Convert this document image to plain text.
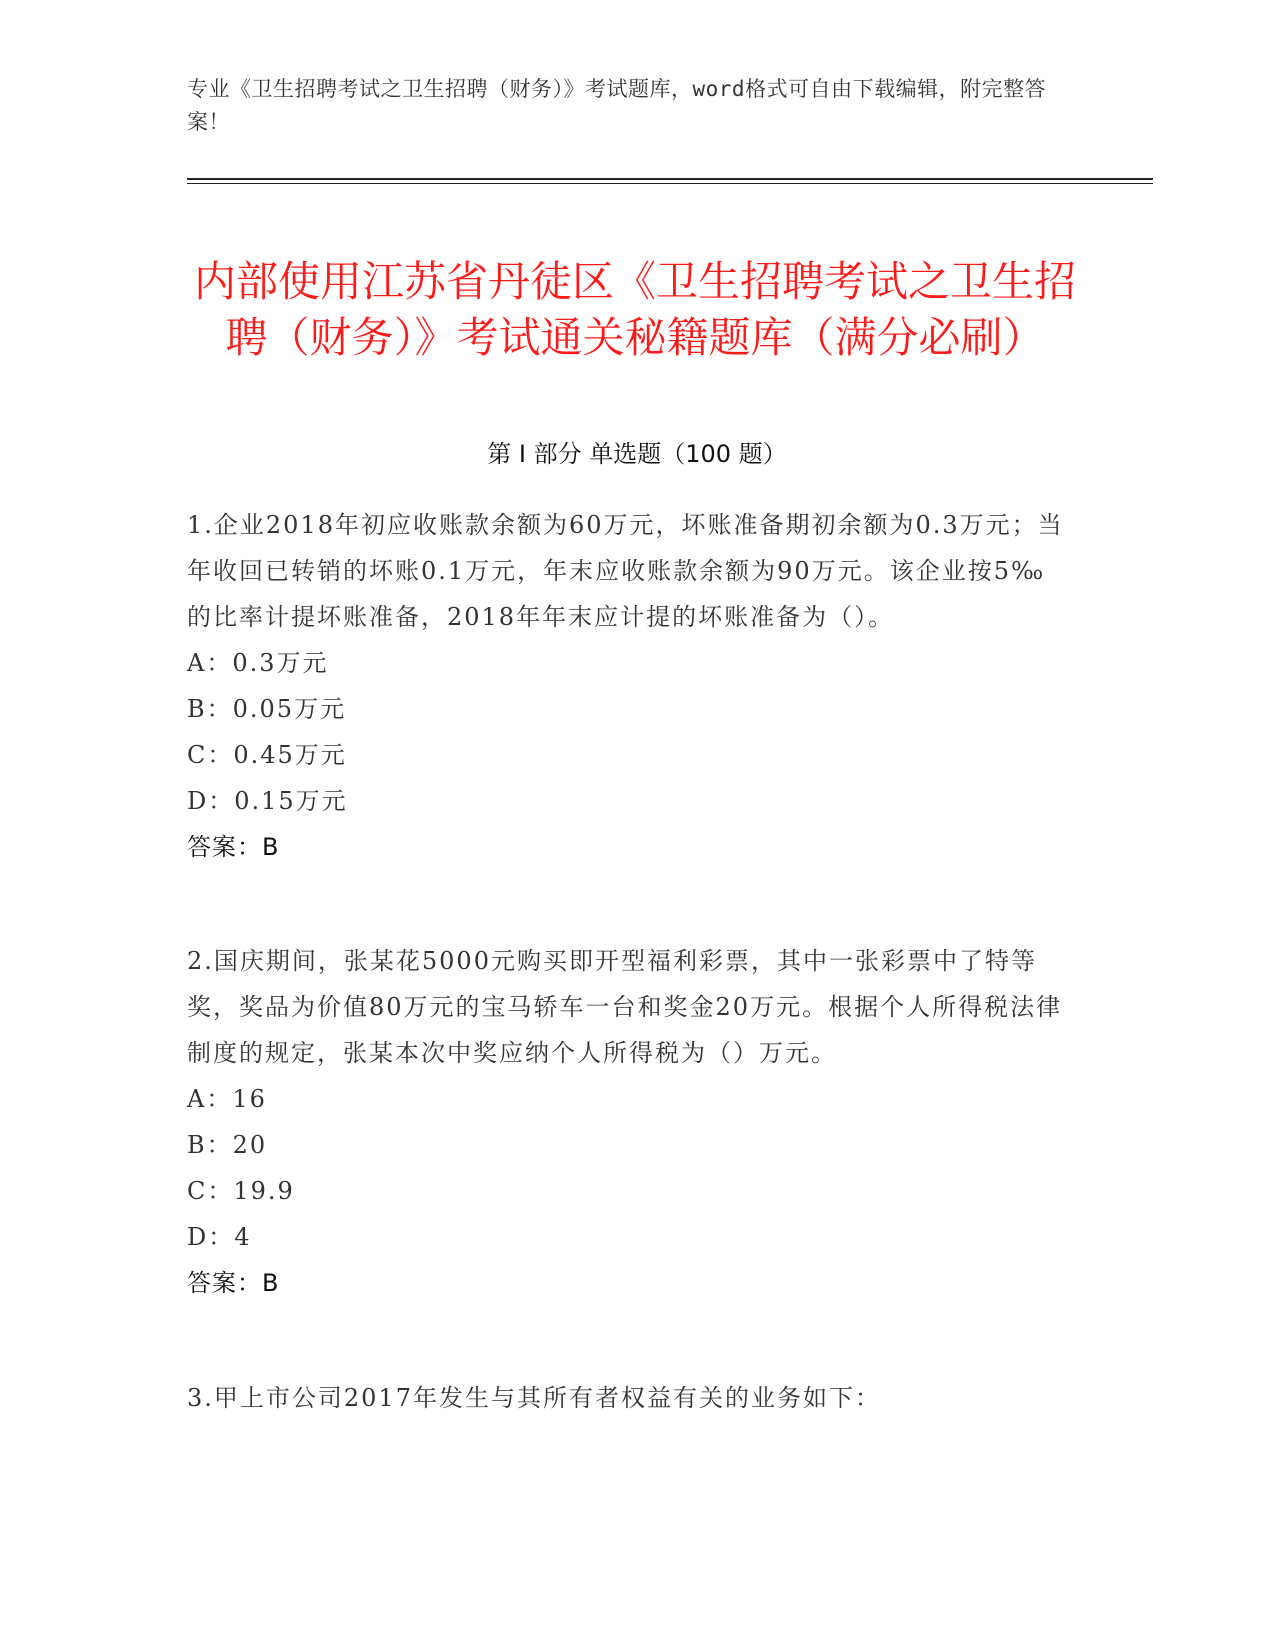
专业《卫生招聘考试之卫生招聘（财务）》考试题库，word格式可自由下载编辑，附完整答案！
内部使用江苏省丹徒区《卫生招聘考试之卫生招聘（财务）》考试通关秘籍题库（满分必刷）
第 I 部分 单选题（100 题）
1.企业2018年初应收账款余额为60万元，坏账准备期初余额为0.3万元；当年收回已转销的坏账0.1万元，年末应收账款余额为90万元。该企业按5‰的比率计提坏账准备，2018年年末应计提的坏账准备为（）。
A：0.3万元
B：0.05万元
C：0.45万元
D：0.15万元
答案：B
2.国庆期间，张某花5000元购买即开型福利彩票，其中一张彩票中了特等奖，奖品为价值80万元的宝马轿车一台和奖金20万元。根据个人所得税法律制度的规定，张某本次中奖应纳个人所得税为（）万元。
A：16
B：20
C：19.9
D：4
答案：B
3.甲上市公司2017年发生与其所有者权益有关的业务如下：
